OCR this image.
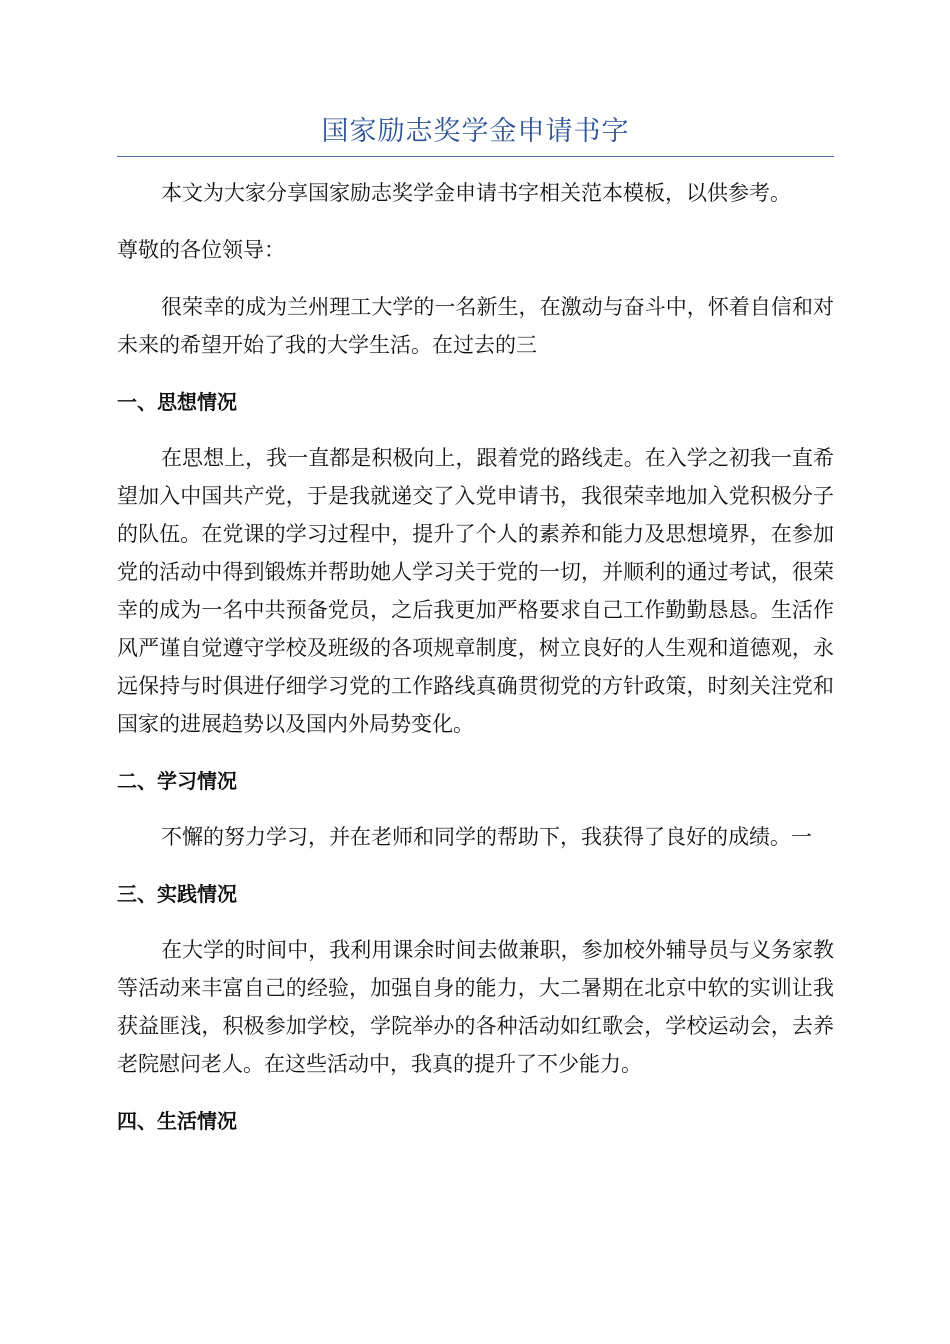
国家励志奖学金申请书字

本文为大家分享国家励志奖学金申请书字相关范本模板，以供参考。

尊敬的各位领导：

很荣幸的成为兰州理工大学的一名新生，在激动与奋斗中，怀着自信和对未来的希望开始了我的大学生活。在过去的三

一、思想情况

在思想上，我一直都是积极向上，跟着党的路线走。在入学之初我一直希望加入中国共产党，于是我就递交了入党申请书，我很荣幸地加入党积极分子的队伍。在党课的学习过程中，提升了个人的素养和能力及思想境界，在参加党的活动中得到锻炼并帮助她人学习关于党的一切，并顺利的通过考试，很荣幸的成为一名中共预备党员，之后我更加严格要求自己工作勤勤恳恳。生活作风严谨自觉遵守学校及班级的各项规章制度，树立良好的人生观和道德观，永远保持与时俱进仔细学习党的工作路线真确贯彻党的方针政策，时刻关注党和国家的进展趋势以及国内外局势变化。

二、学习情况

不懈的努力学习，并在老师和同学的帮助下，我获得了良好的成绩。一

三、实践情况

在大学的时间中，我利用课余时间去做兼职，参加校外辅导员与义务家教等活动来丰富自己的经验，加强自身的能力，大二暑期在北京中软的实训让我获益匪浅，积极参加学校，学院举办的各种活动如红歌会，学校运动会，去养老院慰问老人。在这些活动中，我真的提升了不少能力。

四、生活情况
